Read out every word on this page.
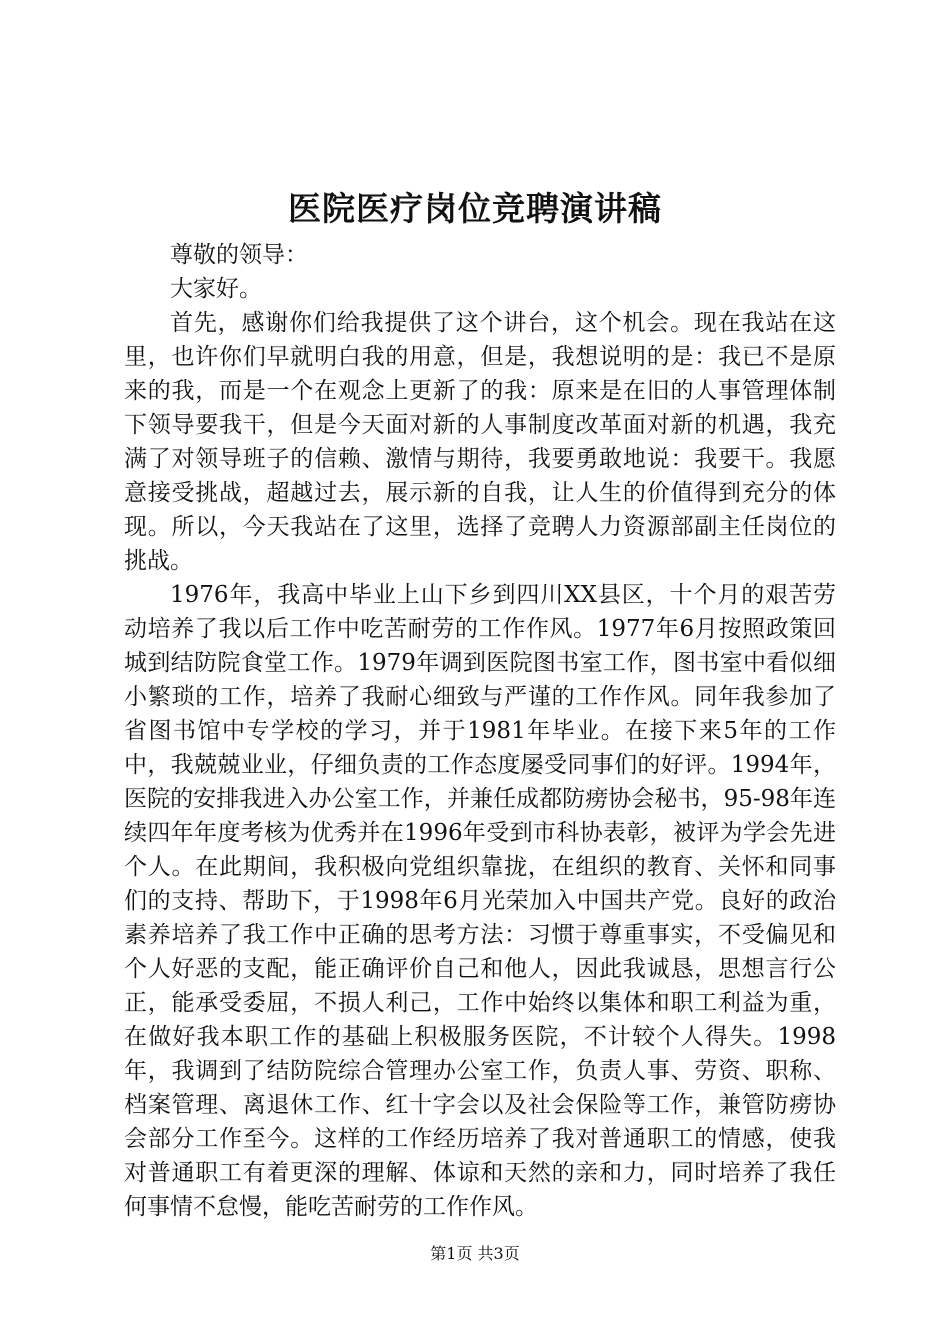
医院医疗岗位竞聘演讲稿

尊敬的领导：

大家好。

首先，感谢你们给我提供了这个讲台，这个机会。现在我站在这里，也许你们早就明白我的用意，但是，我想说明的是：我已不是原来的我，而是一个在观念上更新了的我：原来是在旧的人事管理体制下领导要我干，但是今天面对新的人事制度改革面对新的机遇，我充满了对领导班子的信赖、激情与期待，我要勇敢地说：我要干。我愿意接受挑战，超越过去，展示新的自我，让人生的价值得到充分的体现。所以，今天我站在了这里，选择了竞聘人力资源部副主任岗位的挑战。

1976年，我高中毕业上山下乡到四川XX县区，十个月的艰苦劳动培养了我以后工作中吃苦耐劳的工作作风。1977年6月按照政策回城到结防院食堂工作。1979年调到医院图书室工作，图书室中看似细小繁琐的工作，培养了我耐心细致与严谨的工作作风。同年我参加了省图书馆中专学校的学习，并于1981年毕业。在接下来5年的工作中，我兢兢业业，仔细负责的工作态度屡受同事们的好评。1994年，医院的安排我进入办公室工作，并兼任成都防痨协会秘书，95-98年连续四年年度考核为优秀并在1996年受到市科协表彰，被评为学会先进个人。在此期间，我积极向党组织靠拢，在组织的教育、关怀和同事们的支持、帮助下，于1998年6月光荣加入中国共产党。良好的政治素养培养了我工作中正确的思考方法：习惯于尊重事实，不受偏见和个人好恶的支配，能正确评价自己和他人，因此我诚恳，思想言行公正，能承受委屈，不损人利己，工作中始终以集体和职工利益为重，在做好我本职工作的基础上积极服务医院，不计较个人得失。1998年，我调到了结防院综合管理办公室工作，负责人事、劳资、职称、档案管理、离退休工作、红十字会以及社会保险等工作，兼管防痨协会部分工作至今。这样的工作经历培养了我对普通职工的情感，使我对普通职工有着更深的理解、体谅和天然的亲和力，同时培养了我任何事情不怠慢，能吃苦耐劳的工作作风。

第1页 共3页
